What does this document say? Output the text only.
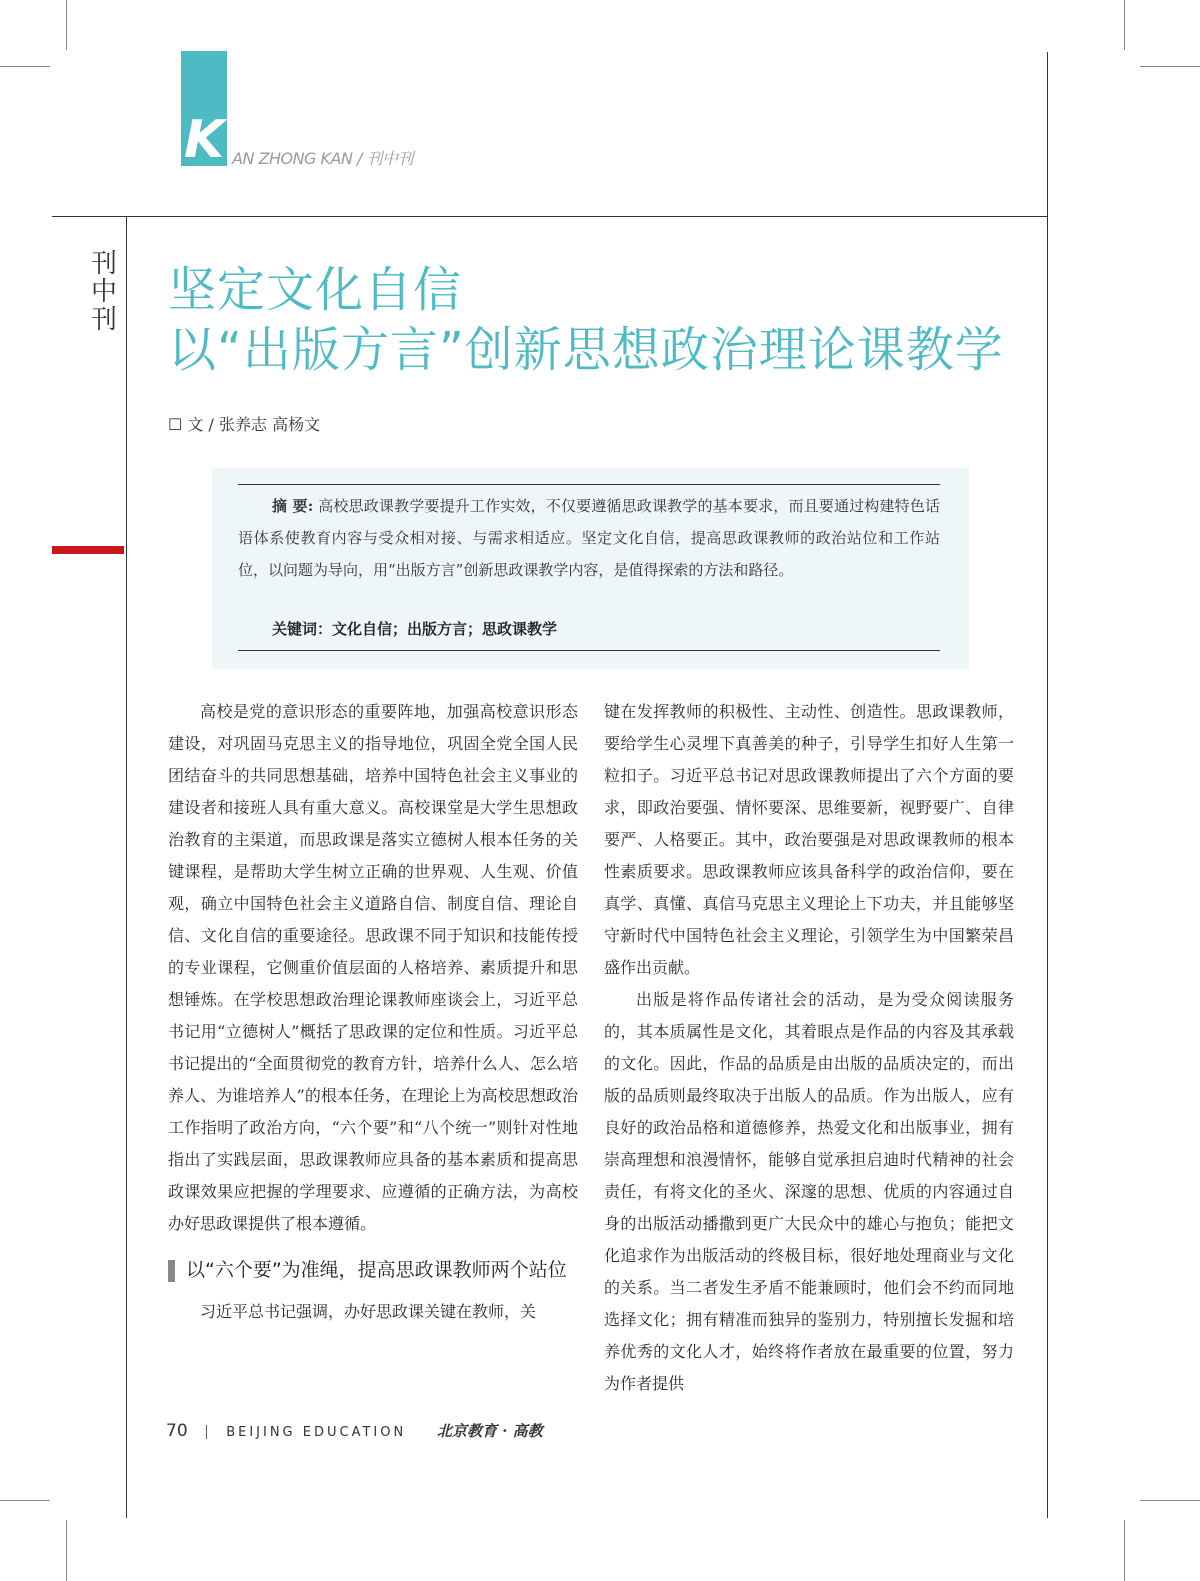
K AN ZHONG KAN / 刊中刊
刊中刊
坚定文化自信
以“出版方言”创新思想政治理论课教学
☐ 文 / 张养志 高杨文
摘 要: 高校思政课教学要提升工作实效，不仅要遵循思政课教学的基本要求，而且要通过构建特色话语体系使教育内容与受众相对接、与需求相适应。坚定文化自信，提高思政课教师的政治站位和工作站位，以问题为导向，用“出版方言”创新思政课教学内容，是值得探索的方法和路径。
关键词：文化自信；出版方言；思政课教学

高校是党的意识形态的重要阵地，加强高校意识形态建设，对巩固马克思主义的指导地位，巩固全党全国人民团结奋斗的共同思想基础，培养中国特色社会主义事业的建设者和接班人具有重大意义。高校课堂是大学生思想政治教育的主渠道，而思政课是落实立德树人根本任务的关键课程，是帮助大学生树立正确的世界观、人生观、价值观，确立中国特色社会主义道路自信、制度自信、理论自信、文化自信的重要途径。思政课不同于知识和技能传授的专业课程，它侧重价值层面的人格培养、素质提升和思想锤炼。在学校思想政治理论课教师座谈会上，习近平总书记用“立德树人”概括了思政课的定位和性质。习近平总书记提出的“全面贯彻党的教育方针，培养什么人、怎么培养人、为谁培养人”的根本任务，在理论上为高校思想政治工作指明了政治方向，“六个要”和“八个统一”则针对性地指出了实践层面，思政课教师应具备的基本素质和提高思政课效果应把握的学理要求、应遵循的正确方法，为高校办好思政课提供了根本遵循。

以“六个要”为准绳，提高思政课教师两个站位

习近平总书记强调，办好思政课关键在教师，关

键在发挥教师的积极性、主动性、创造性。思政课教师，要给学生心灵埋下真善美的种子，引导学生扣好人生第一粒扣子。习近平总书记对思政课教师提出了六个方面的要求，即政治要强、情怀要深、思维要新，视野要广、自律要严、人格要正。其中，政治要强是对思政课教师的根本性素质要求。思政课教师应该具备科学的政治信仰，要在真学、真懂、真信马克思主义理论上下功夫，并且能够坚守新时代中国特色社会主义理论，引领学生为中国繁荣昌盛作出贡献。

出版是将作品传诸社会的活动，是为受众阅读服务的，其本质属性是文化，其着眼点是作品的内容及其承载的文化。因此，作品的品质是由出版的品质决定的，而出版的品质则最终取决于出版人的品质。作为出版人，应有良好的政治品格和道德修养，热爱文化和出版事业，拥有崇高理想和浪漫情怀，能够自觉承担启迪时代精神的社会责任，有将文化的圣火、深邃的思想、优质的内容通过自身的出版活动播撒到更广大民众中的雄心与抱负；能把文化追求作为出版活动的终极目标，很好地处理商业与文化的关系。当二者发生矛盾不能兼顾时，他们会不约而同地选择文化；拥有精准而独异的鉴别力，特别擅长发掘和培养优秀的文化人才，始终将作者放在最重要的位置，努力为作者提供

70	BEIJING EDUCATION 北京教育 · 高教
